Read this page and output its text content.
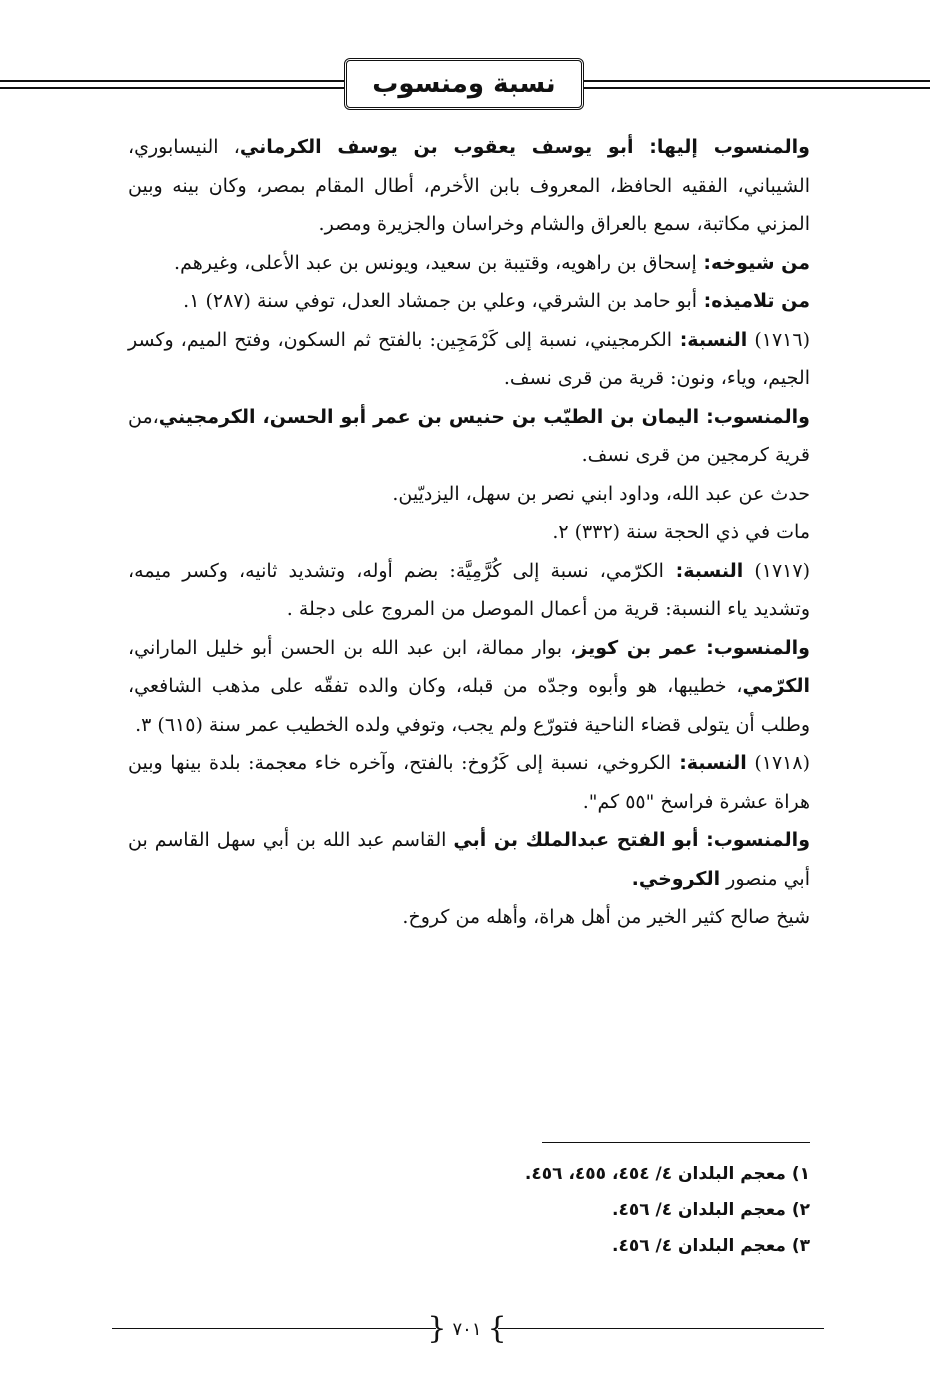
نسبة ومنسوب

والمنسوب إليها: أبو يوسف يعقوب بن يوسف الكرماني، النيسابوري، الشيباني، الفقيه الحافظ، المعروف بابن الأخرم، أطال المقام بمصر، وكان بينه وبين المزني مكاتبة، سمع بالعراق والشام وخراسان والجزيرة ومصر.

من شيوخه: إسحاق بن راهويه، وقتيبة بن سعيد، ويونس بن عبد الأعلى، وغيرهم.

من تلاميذه: أبو حامد بن الشرقي، وعلي بن جمشاد العدل، توفي سنة (٢٨٧) ١.

(١٧١٦) النسبة: الكرمجيني، نسبة إلى كَرْمَجِين: بالفتح ثم السكون، وفتح الميم، وكسر الجيم، وياء، ونون: قرية من قرى نسف.

والمنسوب: اليمان بن الطيّب بن حنيس بن عمر أبو الحسن، الكرمجيني،من قرية كرمجين من قرى نسف.

حدث عن عبد الله، وداود ابني نصر بن سهل، اليزديّين.

مات في ذي الحجة سنة (٣٣٢) ٢.

(١٧١٧) النسبة: الكرّمي، نسبة إلى كُرَّمِيَّة: بضم أوله، وتشديد ثانيه، وكسر ميمه، وتشديد ياء النسبة: قرية من أعمال الموصل من المروج على دجلة .

والمنسوب: عمر بن كويز، بوار ممالة، ابن عبد الله بن الحسن أبو خليل الماراني، الكرّمي، خطيبها، هو وأبوه وجدّه من قبله، وكان والده تفقّه على مذهب الشافعي، وطلب أن يتولى قضاء الناحية فتورّع ولم يجب، وتوفي ولده الخطيب عمر سنة (٦١٥) ٣.

(١٧١٨) النسبة: الكروخي، نسبة إلى كَرُوخ: بالفتح، وآخره خاء معجمة: بلدة بينها وبين هراة عشرة فراسخ "٥٥ كم".

والمنسوب: أبو الفتح عبدالملك بن أبي القاسم عبد الله بن أبي سهل القاسم بن أبي منصور الكروخي.

شيخ صالح كثير الخير من أهل هراة، وأهله من كروخ.

١) معجم البلدان ٤/ ٤٥٤، ٤٥٥، ٤٥٦.
٢) معجم البلدان ٤/ ٤٥٦.
٣) معجم البلدان ٤/ ٤٥٦.
}
٧٠١
{
